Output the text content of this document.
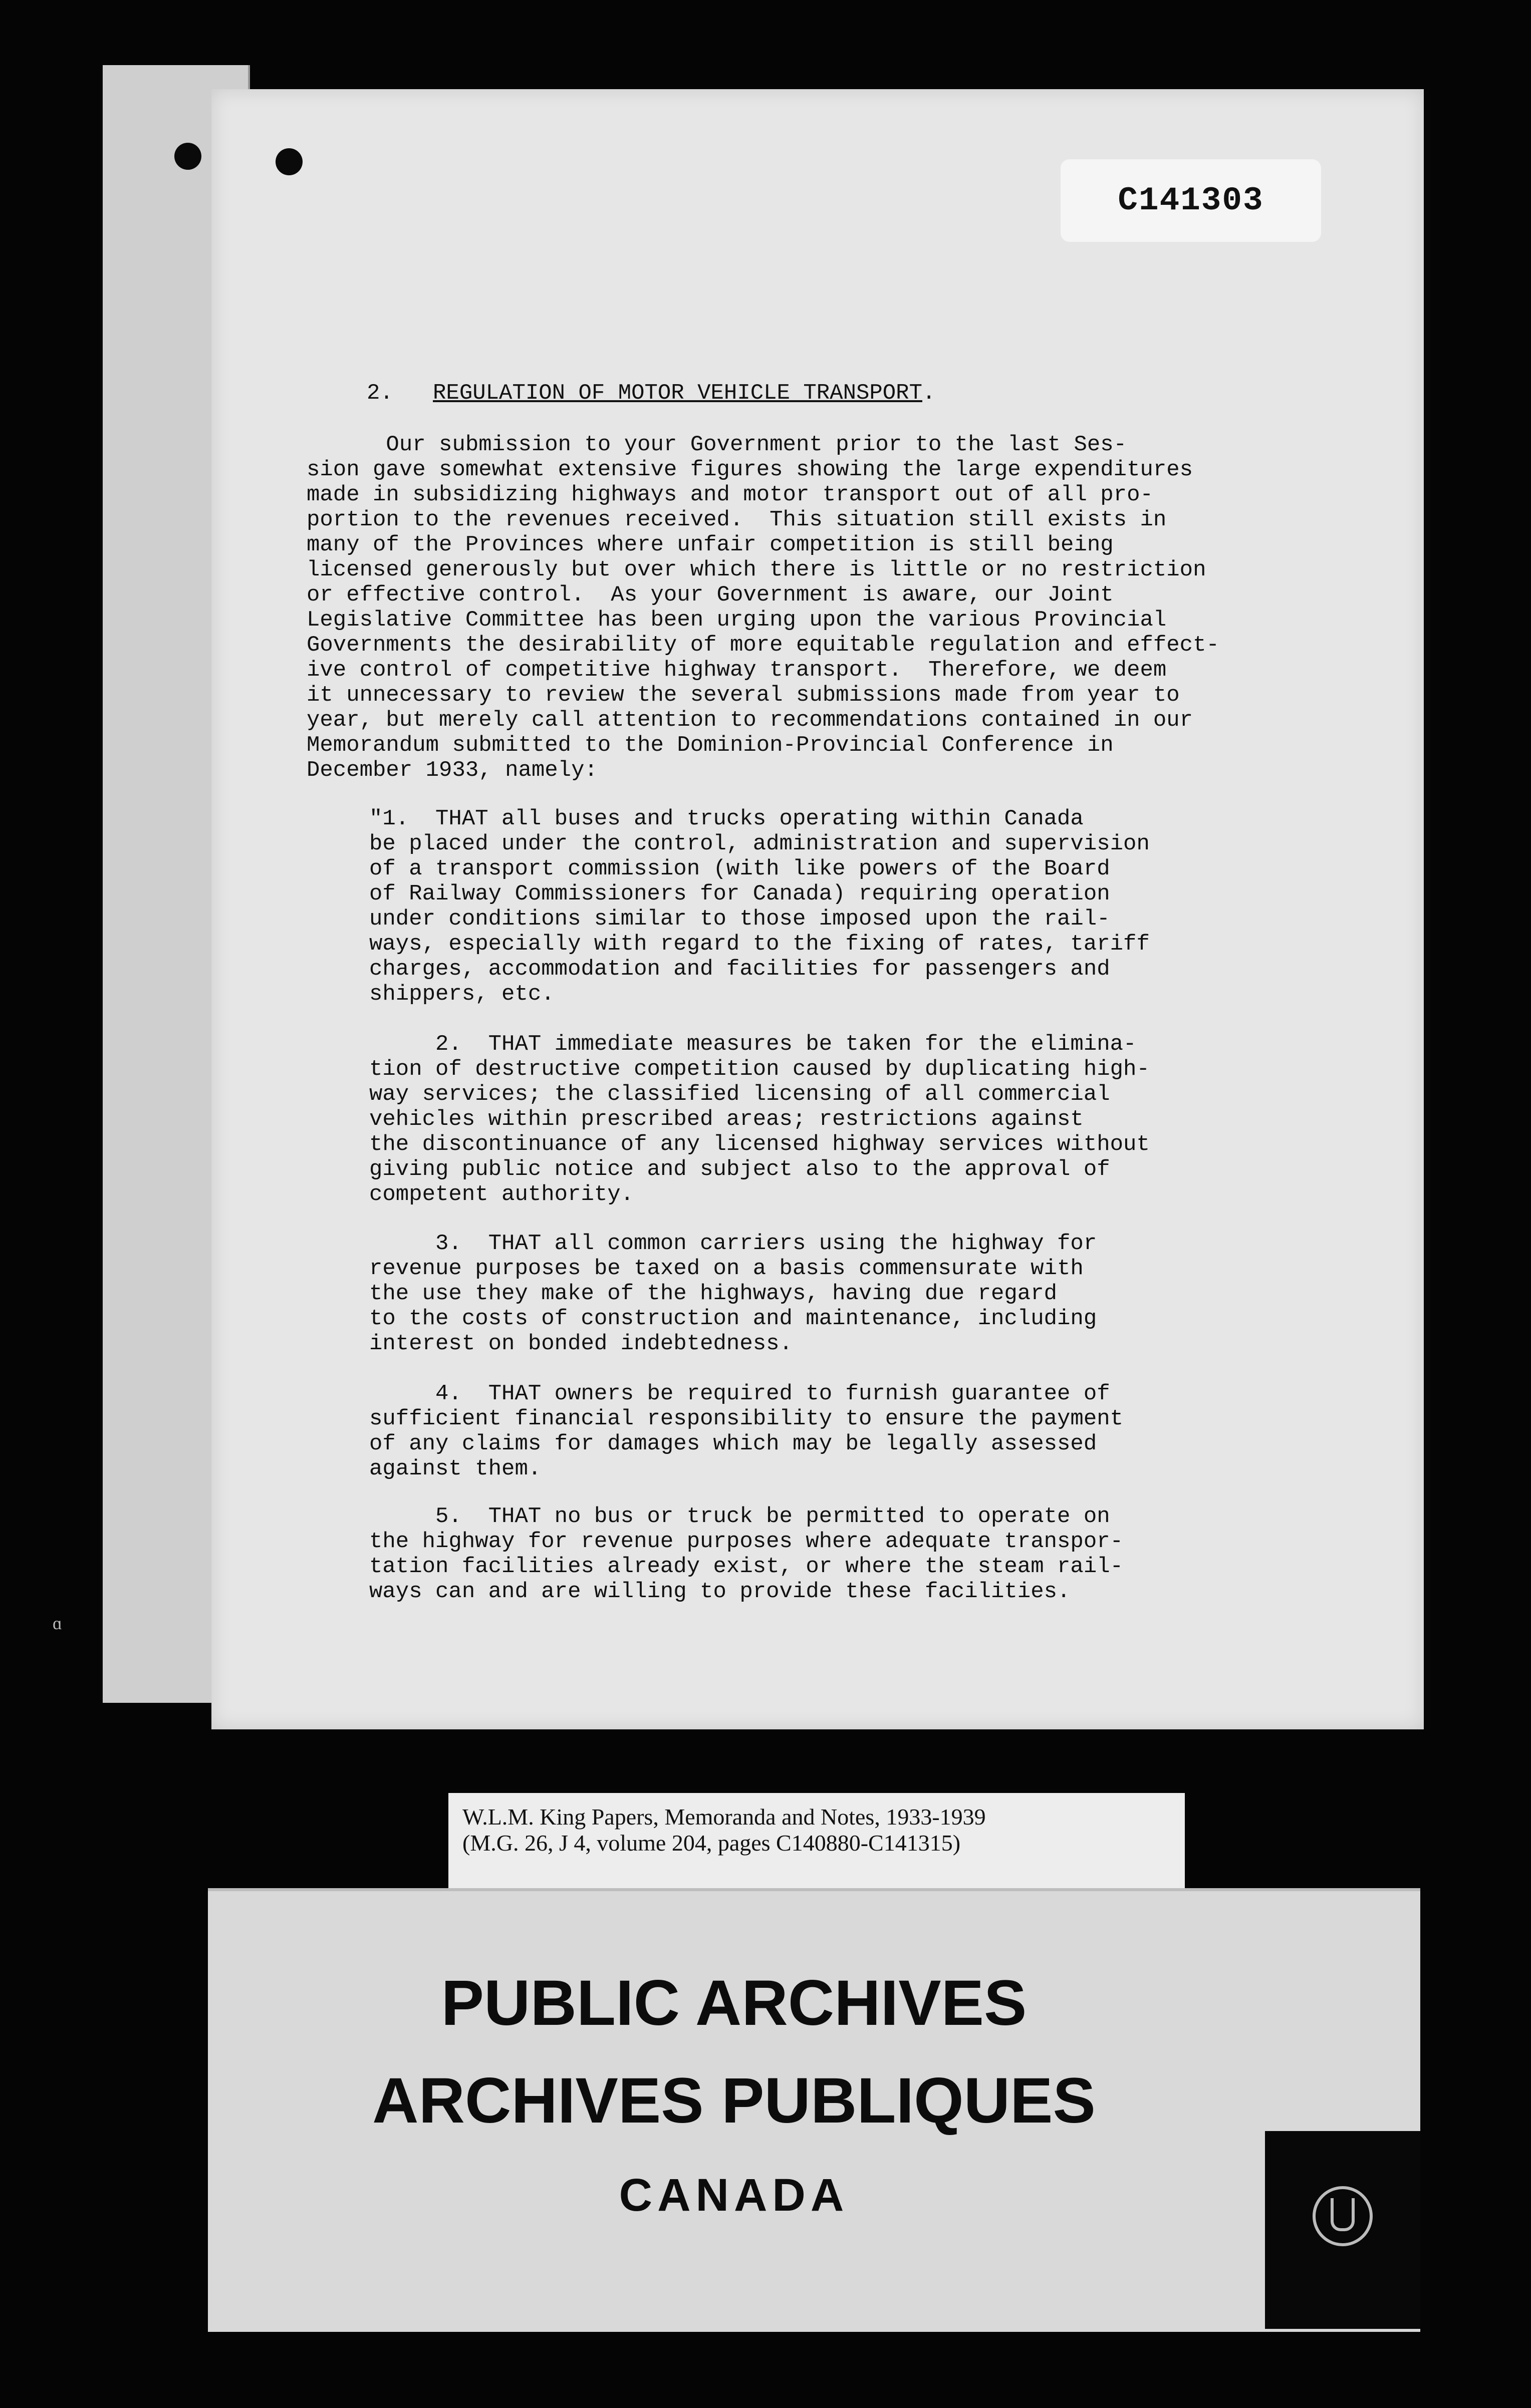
ɑ
C141303
2. REGULATION OF MOTOR VEHICLE TRANSPORT.
Our submission to your Government prior to the last Ses-
sion gave somewhat extensive figures showing the large expenditures
made in subsidizing highways and motor transport out of all pro-
portion to the revenues received.  This situation still exists in
many of the Provinces where unfair competition is still being
licensed generously but over which there is little or no restriction
or effective control.  As your Government is aware, our Joint
Legislative Committee has been urging upon the various Provincial
Governments the desirability of more equitable regulation and effect-
ive control of competitive highway transport.  Therefore, we deem
it unnecessary to review the several submissions made from year to
year, but merely call attention to recommendations contained in our
Memorandum submitted to the Dominion-Provincial Conference in
December 1933, namely:
"1.  THAT all buses and trucks operating within Canada
be placed under the control, administration and supervision
of a transport commission (with like powers of the Board
of Railway Commissioners for Canada) requiring operation
under conditions similar to those imposed upon the rail-
ways, especially with regard to the fixing of rates, tariff
charges, accommodation and facilities for passengers and
shippers, etc.
2.  THAT immediate measures be taken for the elimina-
tion of destructive competition caused by duplicating high-
way services; the classified licensing of all commercial
vehicles within prescribed areas; restrictions against
the discontinuance of any licensed highway services without
giving public notice and subject also to the approval of
competent authority.
3.  THAT all common carriers using the highway for
revenue purposes be taxed on a basis commensurate with
the use they make of the highways, having due regard
to the costs of construction and maintenance, including
interest on bonded indebtedness.
4.  THAT owners be required to furnish guarantee of
sufficient financial responsibility to ensure the payment
of any claims for damages which may be legally assessed
against them.
5.  THAT no bus or truck be permitted to operate on
the highway for revenue purposes where adequate transpor-
tation facilities already exist, or where the steam rail-
ways can and are willing to provide these facilities.
W.L.M. King Papers, Memoranda and Notes, 1933-1939
(M.G. 26, J 4, volume 204, pages C140880-C141315)
PUBLIC ARCHIVES
ARCHIVES PUBLIQUES
CANADA
